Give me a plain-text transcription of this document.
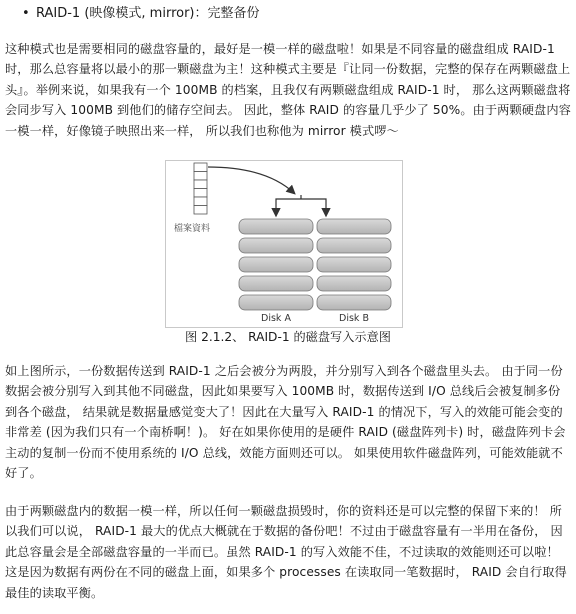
• RAID-1 (映像模式, mirror)：完整备份

这种模式也是需要相同的磁盘容量的，最好是一模一样的磁盘啦！如果是不同容量的磁盘组成 RAID-1 时，那么总容量将以最小的那一颗磁盘为主！这种模式主要是『让同一份数据，完整的保存在两颗磁盘上头』。举例来说，如果我有一个 100MB 的档案，且我仅有两颗磁盘组成 RAID-1 时， 那么这两颗磁盘将会同步写入 100MB 到他们的储存空间去。 因此，整体 RAID 的容量几乎少了 50%。由于两颗硬盘内容一模一样，好像镜子映照出来一样， 所以我们也称他为 mirror 模式啰～

檔案資料
Disk A	Disk B
图 2.1.2、 RAID-1 的磁盘写入示意图

如上图所示，一份数据传送到 RAID-1 之后会被分为两股，并分别写入到各个磁盘里头去。 由于同一份数据会被分别写入到其他不同磁盘，因此如果要写入 100MB 时，数据传送到 I/O 总线后会被复制多份到各个磁盘， 结果就是数据量感觉变大了！因此在大量写入 RAID-1 的情况下，写入的效能可能会变的非常差 (因为我们只有一个南桥啊！)。 好在如果你使用的是硬件 RAID (磁盘阵列卡) 时，磁盘阵列卡会主动的复制一份而不使用系统的 I/O 总线，效能方面则还可以。 如果使用软件磁盘阵列，可能效能就不好了。

由于两颗磁盘内的数据一模一样，所以任何一颗磁盘损毁时，你的资料还是可以完整的保留下来的！ 所以我们可以说， RAID-1 最大的优点大概就在于数据的备份吧！不过由于磁盘容量有一半用在备份， 因此总容量会是全部磁盘容量的一半而已。虽然 RAID-1 的写入效能不佳，不过读取的效能则还可以啦！这是因为数据有两份在不同的磁盘上面，如果多个 processes 在读取同一笔数据时， RAID 会自行取得最佳的读取平衡。
